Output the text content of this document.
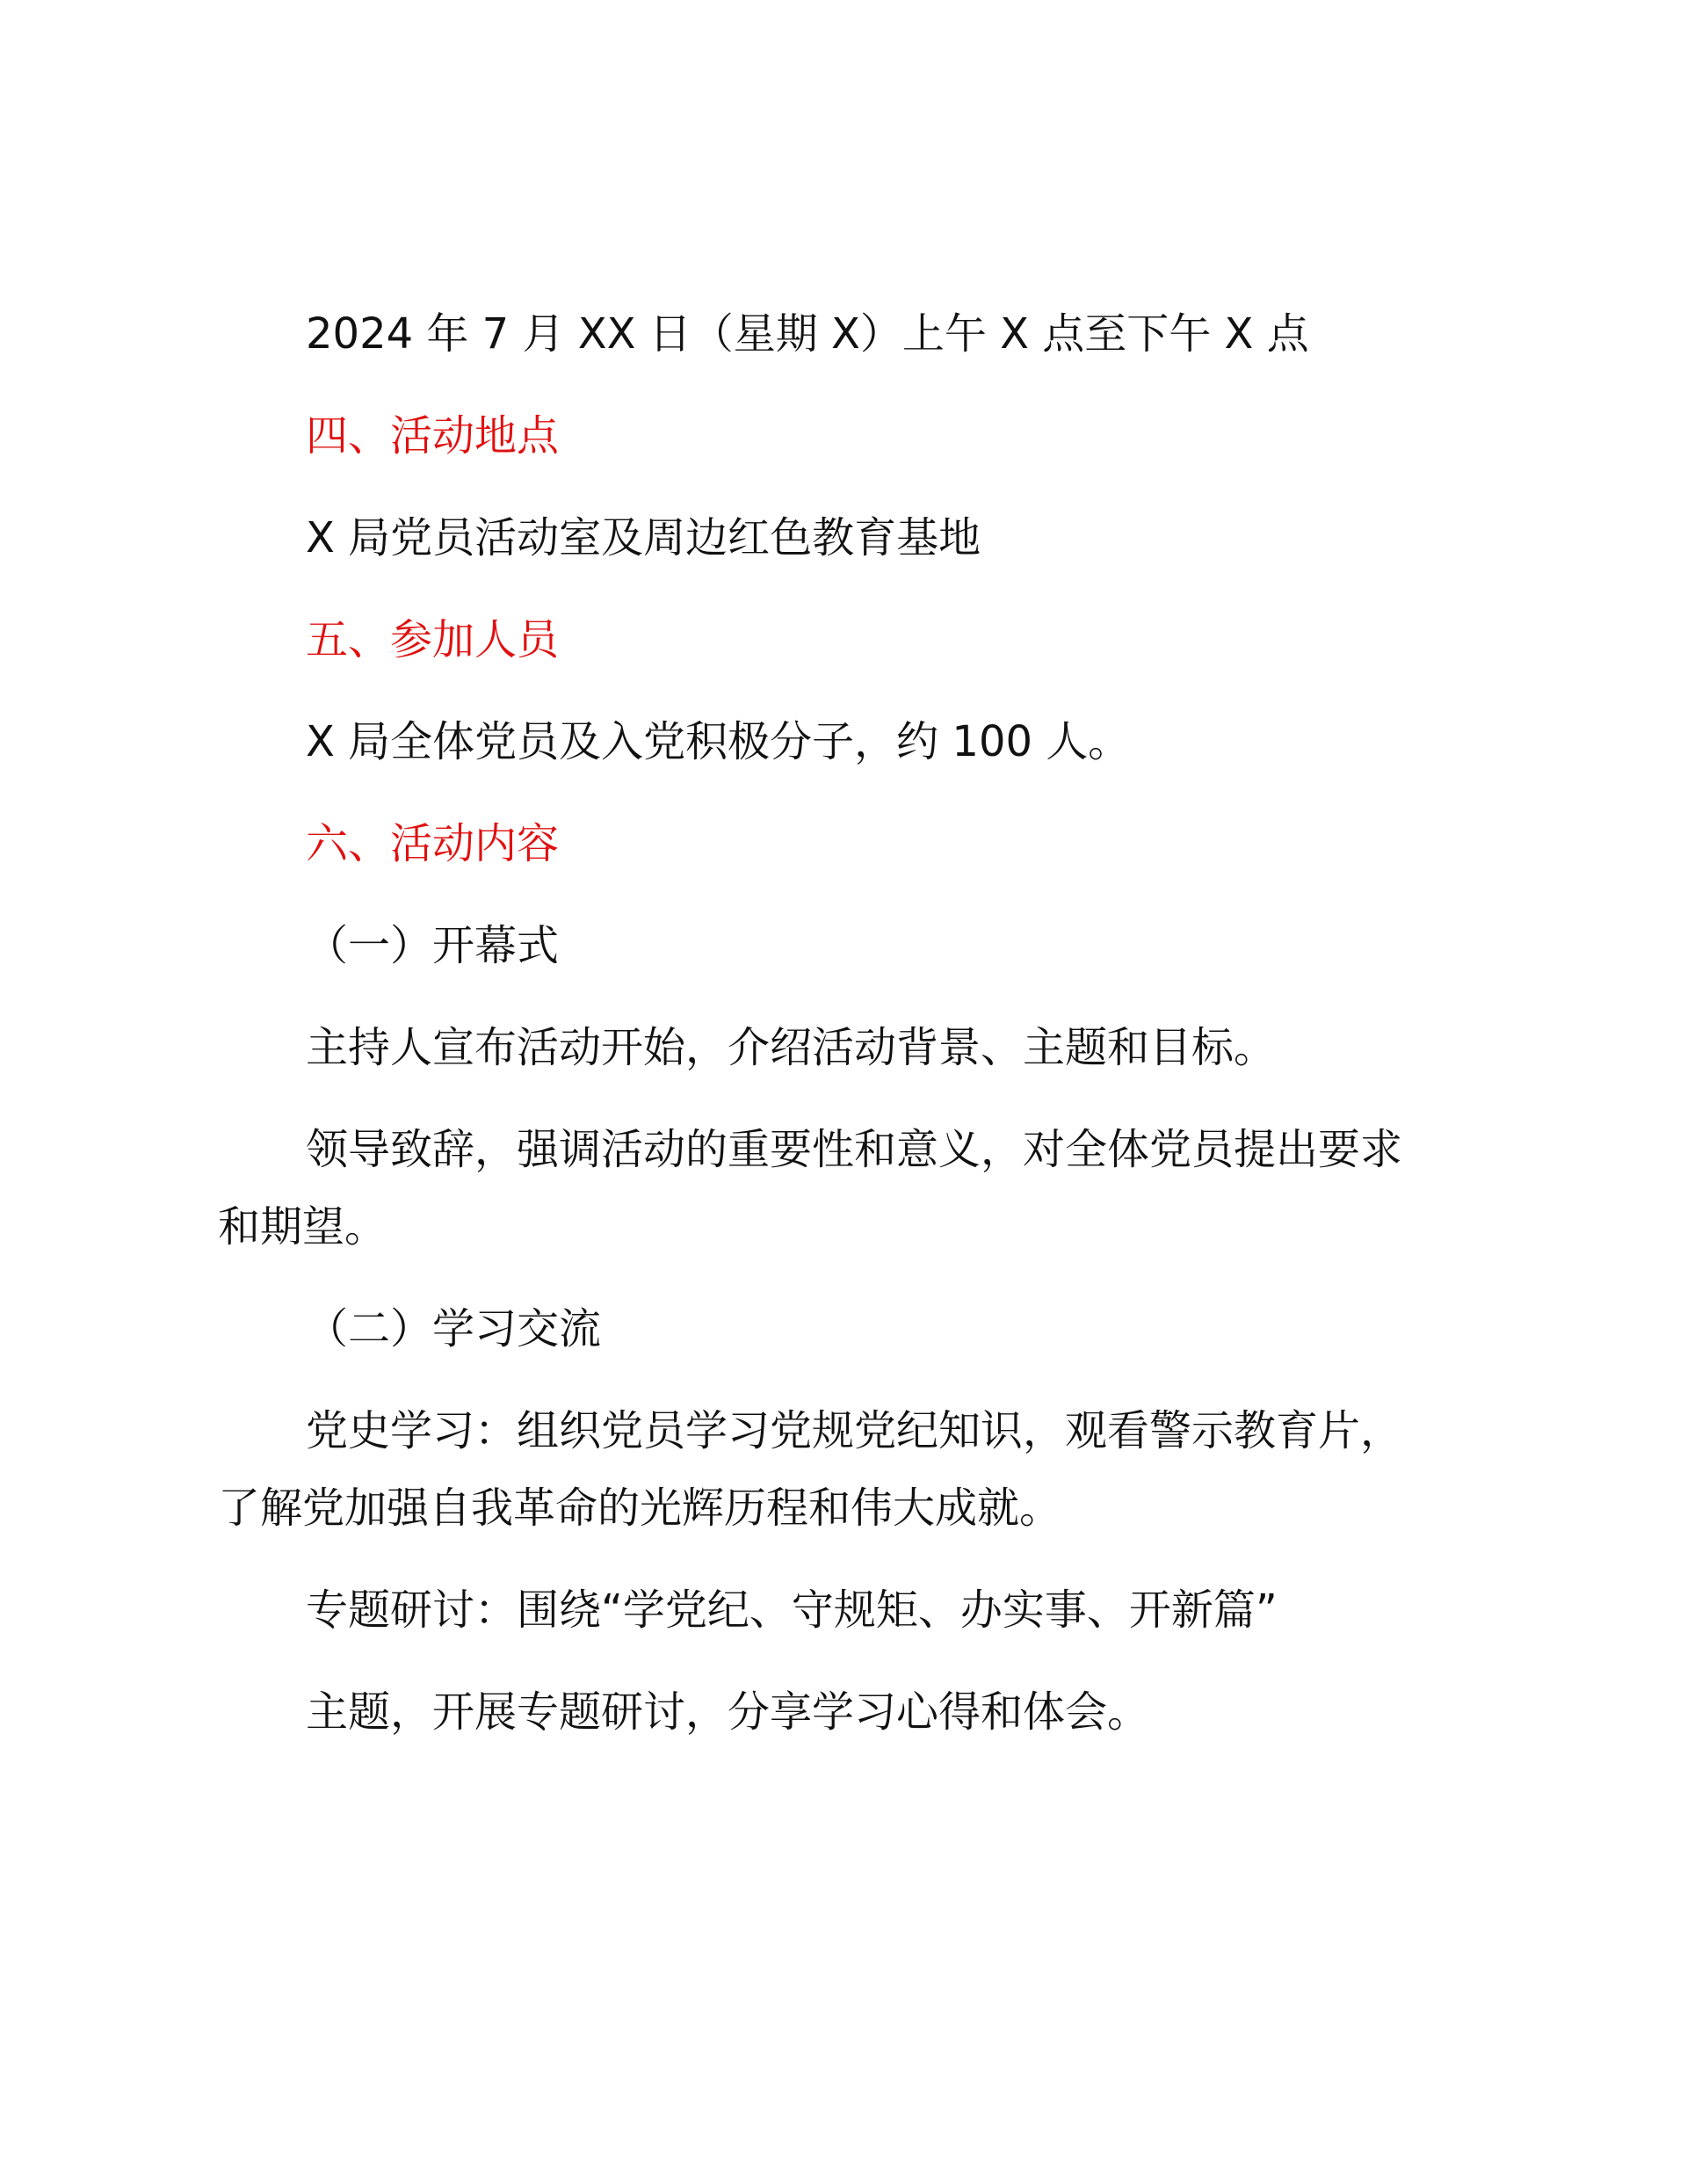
2024 年 7 月 XX 日（星期 X）上午 X 点至下午 X 点

四、活动地点

X 局党员活动室及周边红色教育基地

五、参加人员

X 局全体党员及入党积极分子，约 100 人。

六、活动内容

（一）开幕式

主持人宣布活动开始，介绍活动背景、主题和目标。

领导致辞，强调活动的重要性和意义，对全体党员提出要求

和期望。

（二）学习交流

党史学习：组织党员学习党规党纪知识，观看警示教育片，

了解党加强自我革命的光辉历程和伟大成就。

专题研讨：围绕“学党纪、守规矩、办实事、开新篇”

主题，开展专题研讨，分享学习心得和体会。
